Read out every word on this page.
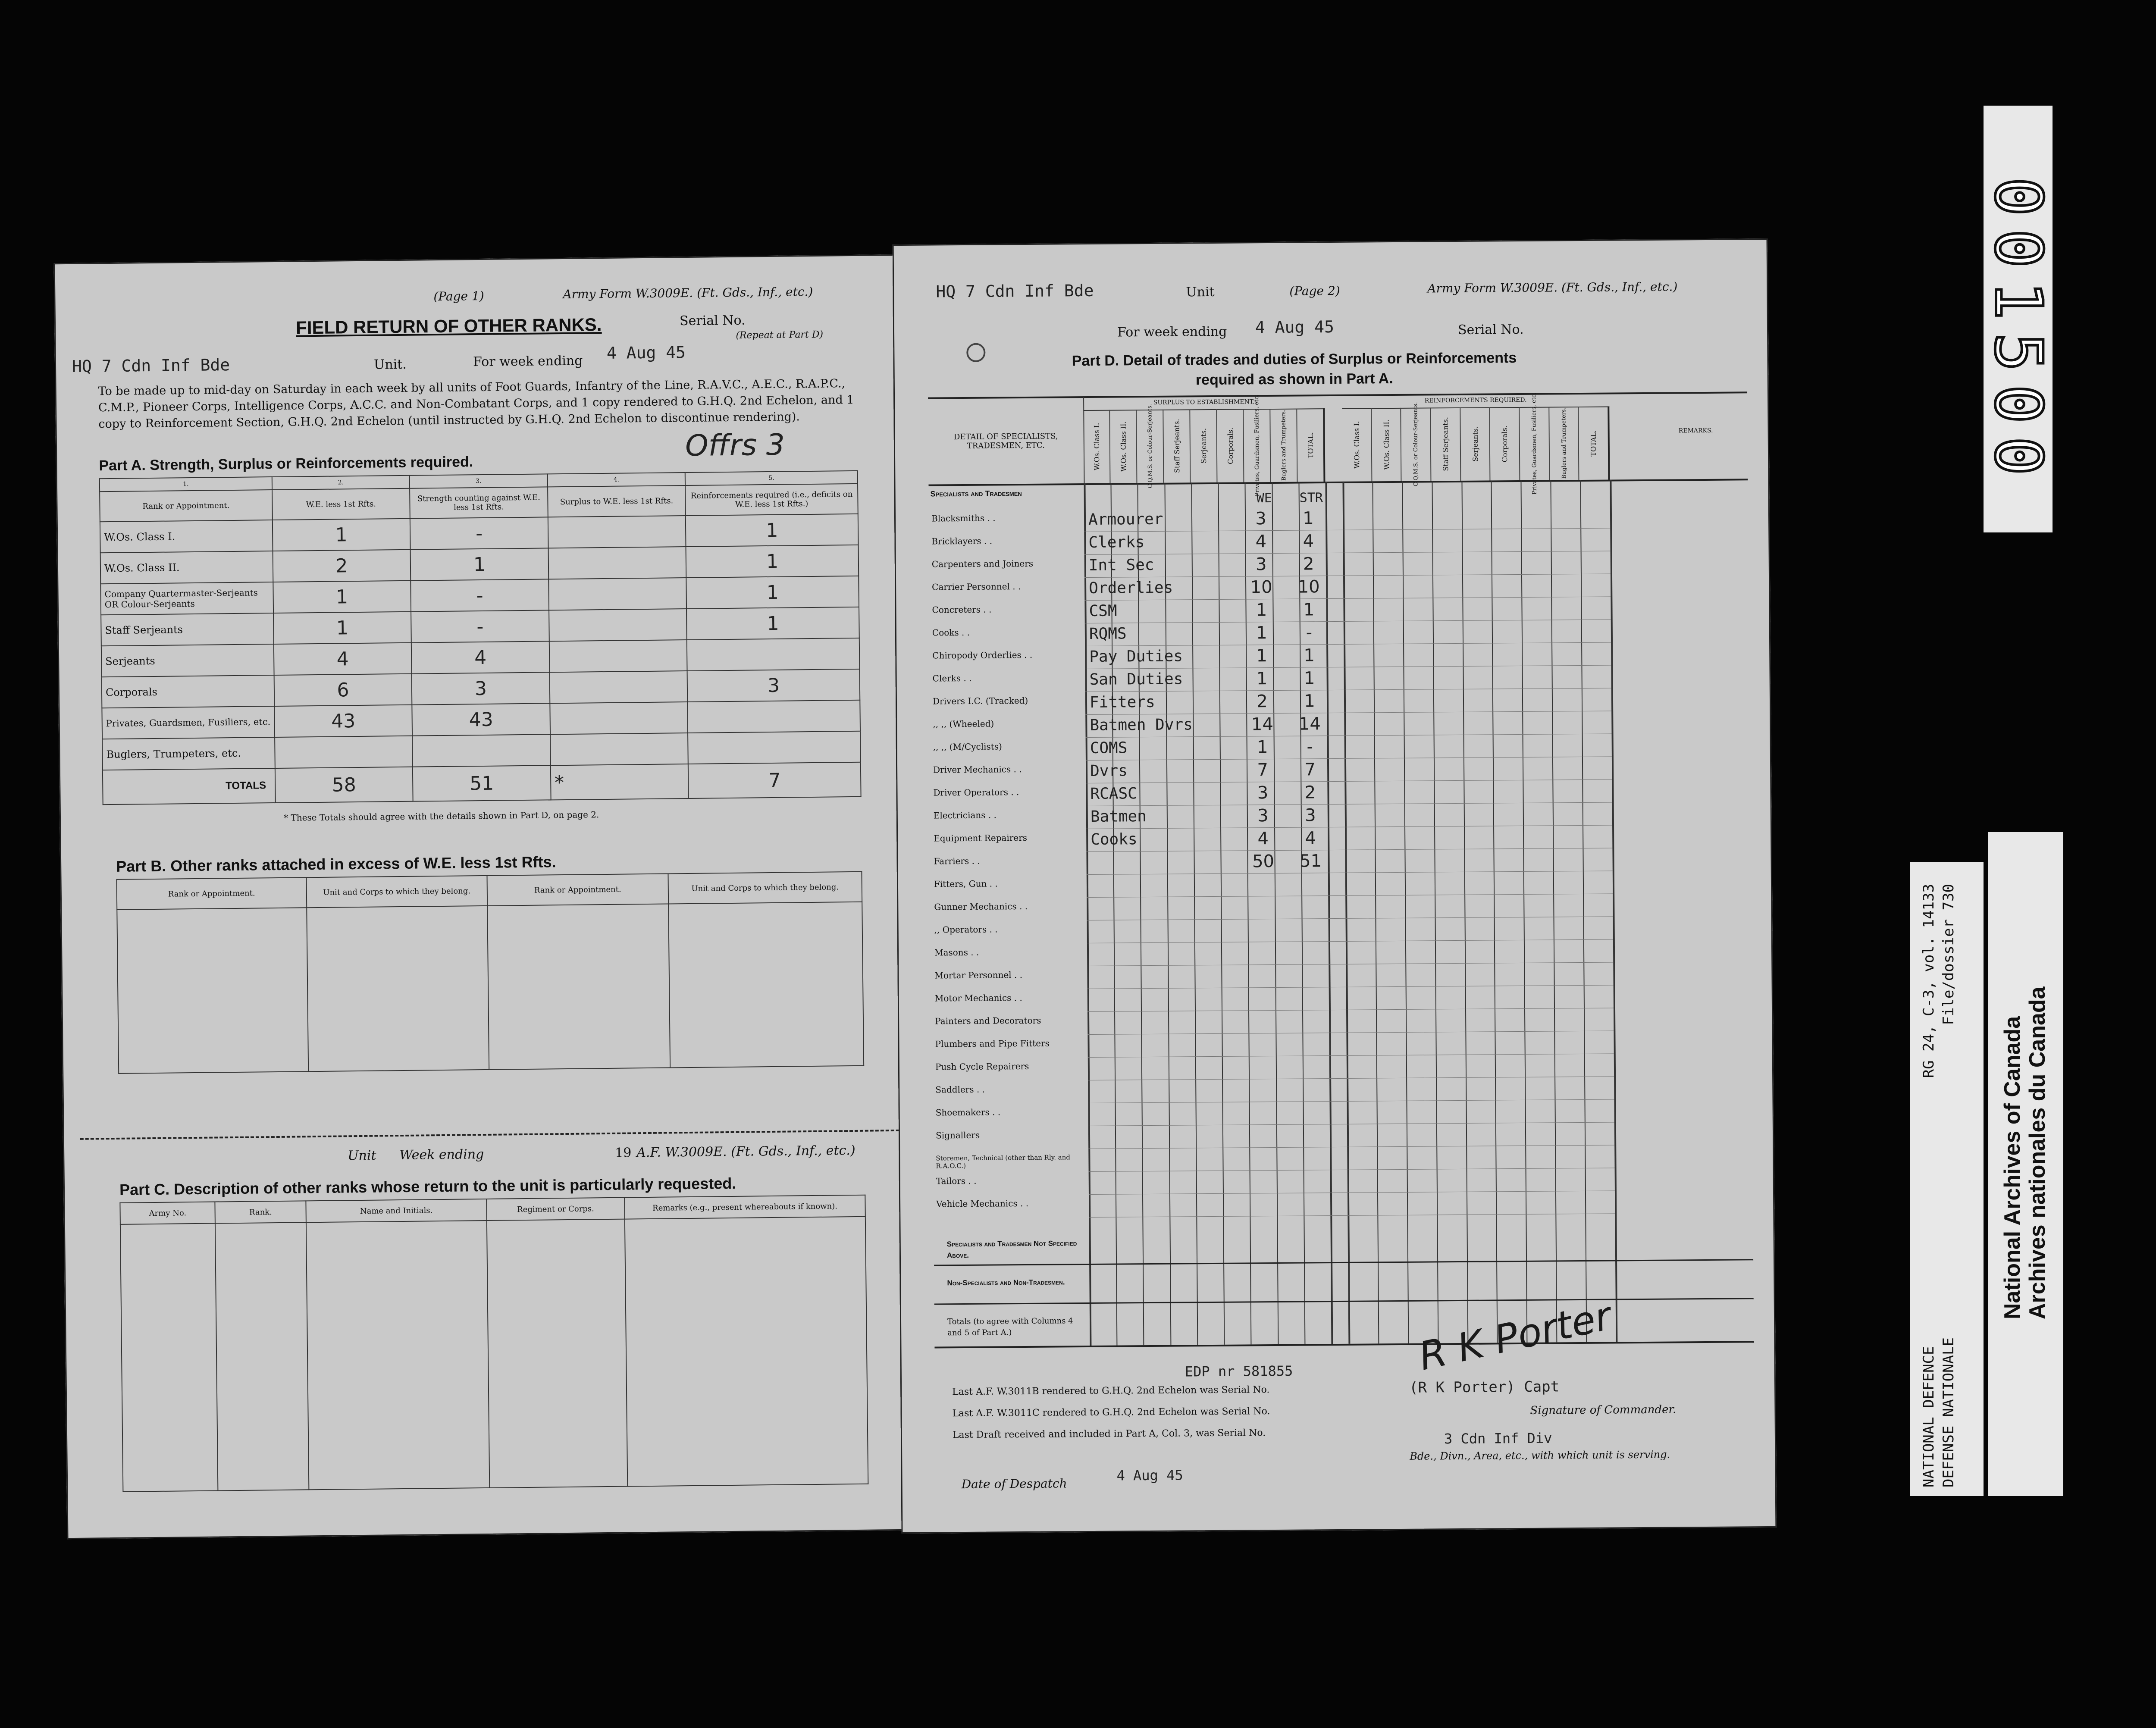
(Page 1)	Army Form W.3009E. (Ft. Gds., Inf., etc.)
FIELD RETURN OF OTHER RANKS.	Serial No.
(Repeat at Part D)
HQ 7 Cdn Inf Bde	Unit.	For week ending 4 Aug 45
To be made up to mid-day on Saturday in each week by all units of Foot Guards, Infantry of the Line, R.A.V.C., A.E.C., R.A.P.C., C.M.P., Pioneer Corps, Intelligence Corps, A.C.C. and Non-Combatant Corps, and 1 copy rendered to G.H.Q. 2nd Echelon, and 1 copy to Reinforcement Section, G.H.Q. 2nd Echelon (until instructed by G.H.Q. 2nd Echelon to discontinue rendering).
Offrs 3
Part A. Strength, Surplus or Reinforcements required.
1.	2.	3.	4.	5.
Rank or Appointment.	W.E. less 1st Rfts.	Strength counting against W.E. less 1st Rfts.	Surplus to W.E. less 1st Rfts.	Reinforcements required (i.e., deficits on W.E. less 1st Rfts.)
W.Os. Class I.	1	-		1
W.Os. Class II.	2	1		1
Company Quartermaster-Serjeants OR Colour-Serjeants	1	-		1
Staff Serjeants	1	-		1
Serjeants	4	4		
Corporals	6	3		3
Privates, Guardsmen, Fusiliers, etc.	43	43		
Buglers, Trumpeters, etc.				
TOTALS	58	51	*	7
* These Totals should agree with the details shown in Part D, on page 2.
Part B. Other ranks attached in excess of W.E. less 1st Rfts.
Rank or Appointment.	Unit and Corps to which they belong.	Rank or Appointment.	Unit and Corps to which they belong.

Unit Week ending	19 A.F. W.3009E. (Ft. Gds., Inf., etc.)
Part C. Description of other ranks whose return to the unit is particularly requested.
Army No.	Rank.	Name and Initials.	Regiment or Corps.	Remarks (e.g., present whereabouts if known).

HQ 7 Cdn Inf Bde	Unit	(Page 2)	Army Form W.3009E. (Ft. Gds., Inf., etc.)
For week ending 4 Aug 45	Serial No.
Part D. Detail of trades and duties of Surplus or Reinforcements required as shown in Part A.
DETAIL OF SPECIALISTS, TRADESMEN, ETC.
SURPLUS TO ESTABLISHMENT.	REINFORCEMENTS REQUIRED.
REMARKS.
W.Os. Class I.	W.Os. Class II.	C.Q.M.S. or Colour-Serjeants.	Staff Serjeants.	Serjeants.	Corporals.	Privates, Guardsmen, Fusiliers, etc.	Buglers and Trumpeters.	TOTAL.	W.Os. Class I.	W.Os. Class II.	C.Q.M.S. or Colour-Serjeants.	Staff Serjeants.	Serjeants.	Corporals.	Privates, Guardsmen, Fusiliers, etc.	Buglers and Trumpeters.	TOTAL.
Specialists and Tradesmen	WE STR
Blacksmiths . .	Armourer	3	1
Bricklayers . .	Clerks	4	4
Carpenters and Joiners	Int Sec	3	2
Carrier Personnel . .	Orderlies	10 10
Concreters . .	CSM	1	1
Cooks . .	RQMS	1	-
Chiropody Orderlies . .	Pay Duties	1	1
Clerks . .	San Duties	1	1
Drivers I.C. (Tracked)	Fitters	2	1
,, ,, (Wheeled)	Batmen Dvrs	14 14
,, ,, (M/Cyclists)	COMS	1	-
Driver Mechanics . .	Dvrs	7	7
Driver Operators . .	RCASC	3	2
Electricians . .	Batmen	3	3
Equipment Repairers	Cooks	4	4
Farriers . .	50 51
Fitters, Gun . .
Gunner Mechanics . .
,, Operators . .
Masons . .
Mortar Personnel . .
Motor Mechanics . .
Painters and Decorators
Plumbers and Pipe Fitters
Push Cycle Repairers
Saddlers . .
Shoemakers . .
Signallers
Storemen, Technical (other than Rly. and R.A.O.C.)
Tailors . .
Vehicle Mechanics . .
Specialists and Tradesmen Not Specified Above.
Non-Specialists and Non-Tradesmen.
Totals (to agree with Columns 4 and 5 of Part A.)
EDP nr 581855
Last A.F. W.3011B rendered to G.H.Q. 2nd Echelon was Serial No.
Last A.F. W.3011C rendered to G.H.Q. 2nd Echelon was Serial No.
Last Draft received and included in Part A, Col. 3, was Serial No.
R K Porter
(R K Porter) Capt
Signature of Commander.
3 Cdn Inf Div
Bde., Divn., Area, etc., with which unit is serving.
Date of Despatch
4 Aug 45
001500
NATIONAL DEFENCE
RG 24, C-3, vol. 14133
DEFENSE NATIONALE
File/dossier 730
National Archives of Canada Archives nationales du Canada
